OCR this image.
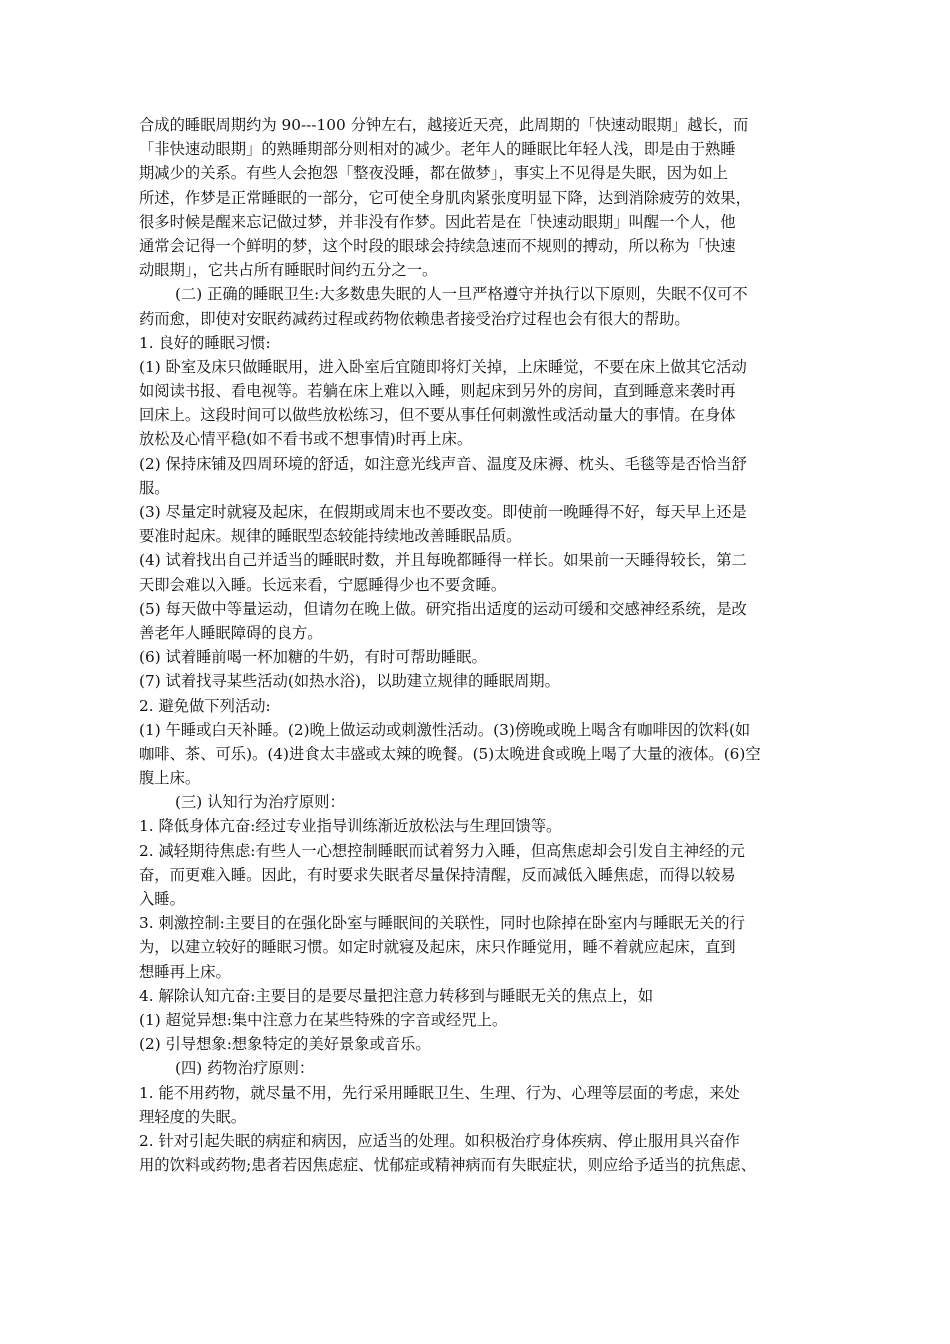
合成的睡眠周期约为 90---100 分钟左右，越接近天亮，此周期的「快速动眼期」越长，而
「非快速动眼期」的熟睡期部分则相对的减少。老年人的睡眠比年轻人浅，即是由于熟睡
期减少的关系。有些人会抱怨「整夜没睡，都在做梦」，事实上不见得是失眠，因为如上
所述，作梦是正常睡眠的一部分，它可使全身肌肉紧张度明显下降，达到消除疲劳的效果，
很多时候是醒来忘记做过梦，并非没有作梦。因此若是在「快速动眼期」叫醒一个人，他
通常会记得一个鲜明的梦，这个时段的眼球会持续急速而不规则的搏动，所以称为「快速
动眼期」，它共占所有睡眠时间约五分之一。
(二) 正确的睡眠卫生:大多数患失眠的人一旦严格遵守并执行以下原则，失眠不仅可不
药而愈，即使对安眠药减药过程或药物依赖患者接受治疗过程也会有很大的帮助。
1. 良好的睡眠习惯:
(1) 卧室及床只做睡眠用，进入卧室后宜随即将灯关掉，上床睡觉，不要在床上做其它活动
如阅读书报、看电视等。若躺在床上难以入睡，则起床到另外的房间，直到睡意来袭时再
回床上。这段时间可以做些放松练习，但不要从事任何刺激性或活动量大的事情。在身体
放松及心情平稳(如不看书或不想事情)时再上床。
(2) 保持床铺及四周环境的舒适，如注意光线声音、温度及床褥、枕头、毛毯等是否恰当舒
服。
(3) 尽量定时就寝及起床，在假期或周末也不要改变。即使前一晚睡得不好，每天早上还是
要准时起床。规律的睡眠型态较能持续地改善睡眠品质。
(4) 试着找出自己并适当的睡眠时数，并且每晚都睡得一样长。如果前一天睡得较长，第二
天即会难以入睡。长远来看，宁愿睡得少也不要贪睡。
(5) 每天做中等量运动，但请勿在晚上做。研究指出适度的运动可缓和交感神经系统，是改
善老年人睡眠障碍的良方。
(6) 试着睡前喝一杯加糖的牛奶，有时可帮助睡眠。
(7) 试着找寻某些活动(如热水浴)，以助建立规律的睡眠周期。
2. 避免做下列活动:
(1) 午睡或白天补睡。(2)晚上做运动或刺激性活动。(3)傍晚或晚上喝含有咖啡因的饮料(如
咖啡、茶、可乐)。(4)进食太丰盛或太辣的晚餐。(5)太晚进食或晚上喝了大量的液体。(6)空
腹上床。
(三) 认知行为治疗原则：
1. 降低身体亢奋:经过专业指导训练渐近放松法与生理回馈等。
2. 减轻期待焦虑:有些人一心想控制睡眠而试着努力入睡，但高焦虑却会引发自主神经的元
奋，而更难入睡。因此，有时要求失眠者尽量保持清醒，反而减低入睡焦虑，而得以较易
入睡。
3. 刺激控制:主要目的在强化卧室与睡眠间的关联性，同时也除掉在卧室内与睡眠无关的行
为，以建立较好的睡眠习惯。如定时就寝及起床，床只作睡觉用，睡不着就应起床，直到
想睡再上床。
4. 解除认知亢奋:主要目的是要尽量把注意力转移到与睡眠无关的焦点上，如
(1) 超觉异想:集中注意力在某些特殊的字音或经咒上。
(2) 引导想象:想象特定的美好景象或音乐。
(四) 药物治疗原则：
1. 能不用药物，就尽量不用，先行采用睡眠卫生、生理、行为、心理等层面的考虑，来处
理轻度的失眠。
2. 针对引起失眠的病症和病因，应适当的处理。如积极治疗身体疾病、停止服用具兴奋作
用的饮料或药物;患者若因焦虑症、忧郁症或精神病而有失眠症状，则应给予适当的抗焦虑、
